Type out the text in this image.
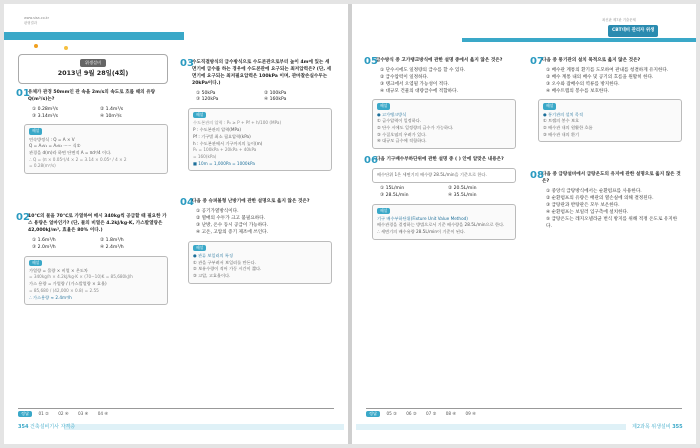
www.sisa.co.kr
판형결과
위생설비
2013년 9월 28일(4회)
01
유체가 관경 50mm인 관 속을 2m/s의 속도로 흐를 때의 유량 Q(m³/s)는?
① 0.28m³/s	② 1.4m³/s
③ 3.14m³/s	④ 10m³/s
해설
연속방정식 : Q = A × V
Q = A₁v₁ = A₂v₂ ······ 식①
관경을 d(m)라 하면 단면적 A = πd²/4 이다.
∴ Q = (π × 0.05²)/4 × 2 = 3.14 × 0.05² / 4 × 2
= 0.28(m³/s)
02
10℃의 물을 70℃로 가열하여 매시 340kg씩 공급할 때 필요한 가스 용량은 얼마인가? (단, 물의 비열은 4.2kJ/kg·K, 가스발열량은 42,000kJ/m³, 효율은 80% 이다.)
① 1.6m³/h	② 1.8m³/h
③ 2.0m³/h	④ 2.4m³/h
해설
가열량 = 물량 × 비열 × 온도차
= 340kg/h × 4.2kJ/kg·K × (70−10)K = 85,680kJ/h
가스 용량 = 가열량 / (가스발열량 × 효율)
= 85,680 / (42,000 × 0.8) = 2.55
∴ 가스용량 ≈ 2.4m³/h
03
수도직결방식의 급수방식으로 수도본관으로부터 높이 4m에 있는 세면기에 급수를 하는 경우에 수도본관에 요구되는 최저압력은? (단, 세면기에 요구되는 최저필요압력은 100kPa 이며, 관마찰손실수두는 20kPa이다.)
① 50kPa	② 100kPa
③ 120kPa	④ 160kPa
해설
수도본관의 압력 : P₀ ≥ P + Pf + h/100 (MPa)
P : 수도본관의 압력(MPa)
Pf : 기구별 최소 필요압력(kPa)
h : 수도본관에서 기구까지의 높이(m)
P₀ = 100kPa + 20kPa + 40kPa
= 160(kPa)
■ 10m = 1,000Pa = 1000kPa
04
다음 중 슈퍼볼형 난방기에 관한 설명으로 옳지 않은 것은?
① 공기가열방식이다.
② 열매의 수두가 크고 불필요하다.
③ 난방, 온수 동시 공급이 가능하다.
④ 고온, 고압의 증기 제조에 쓰인다.
해설
● 관류 보일러의 특징
① 관을 구부려서 보일러를 만든다.
② 보유수량이 적어 가동 시간이 짧다.
③ 고압, 고효율이다.
정답 01 ② 02 ④ 03 ④ 04 ④
354 건축설비기사 자격증
최신판 제7판 기출문제
CBT대비 관리자 위생
05
급수방식 중 고가탱크방식에 관한 설명 중에서 옳지 않은 것은?
① 단수시에도 일정량의 급수를 할 수 있다.
② 급수압력이 일정하다.
③ 탱크에서 오염될 가능성이 적다.
④ 대규모 건물의 대량급수에 적합하다.
해설
● 고가탱크방식
① 급수압력이 일정하다.
② 단수 시에도 일정량의 급수가 가능하다.
③ 수질오염의 우려가 있다.
④ 대규모 급수에 적합하다.
06
다음 기구배수부하단위에 관한 설명 중 ( ) 안에 알맞은 내용은?
배수단위 1은 세면기의 배수량 28.5L/min을 기준으로 한다.
① 15L/min	② 20.5L/min
③ 28.5L/min	④ 35.5L/min
해설
기구 배수부하단위(Fixture Unit Value Method)
배수관경을 결정하는 방법으로서 기준 배수량을 28.5L/min으로 한다.
∴ 세면기의 배수유량 28.5L/min이 기준이 된다.
07
다음 중 통기관의 설치 목적으로 옳지 않은 것은?
① 배수관 계통의 환기를 도모하여 관내를 청결하게 유지한다.
② 배수 계통 내의 배수 및 공기의 흐름을 원활히 한다.
③ 오수와 잡배수의 역류를 방지한다.
④ 배수트랩의 봉수를 보호한다.
해설
● 통기관의 설치 목적
① 트랩의 봉수 보호
② 배수관 내의 원활한 흐름
③ 배수관 내의 환기
08
다음 중 급탕설비에서 급탕온도의 유지에 관한 설명으로 옳지 않은 것은?
① 중앙식 급탕방식에서는 순환펌프를 사용한다.
② 순환펌프의 유량은 배관의 열손실에 의해 결정된다.
③ 급탕관과 반탕관은 모두 보온한다.
④ 순환펌프는 보일러 입구측에 설치한다.
⑤ 급탕온도는 레지오넬라균 번식 방지를 위해 적정 온도로 유지한다.
정답 05 ③ 06 ③ 07 ③ 08 ④ 09 ④
제2과목 위생설비 355
